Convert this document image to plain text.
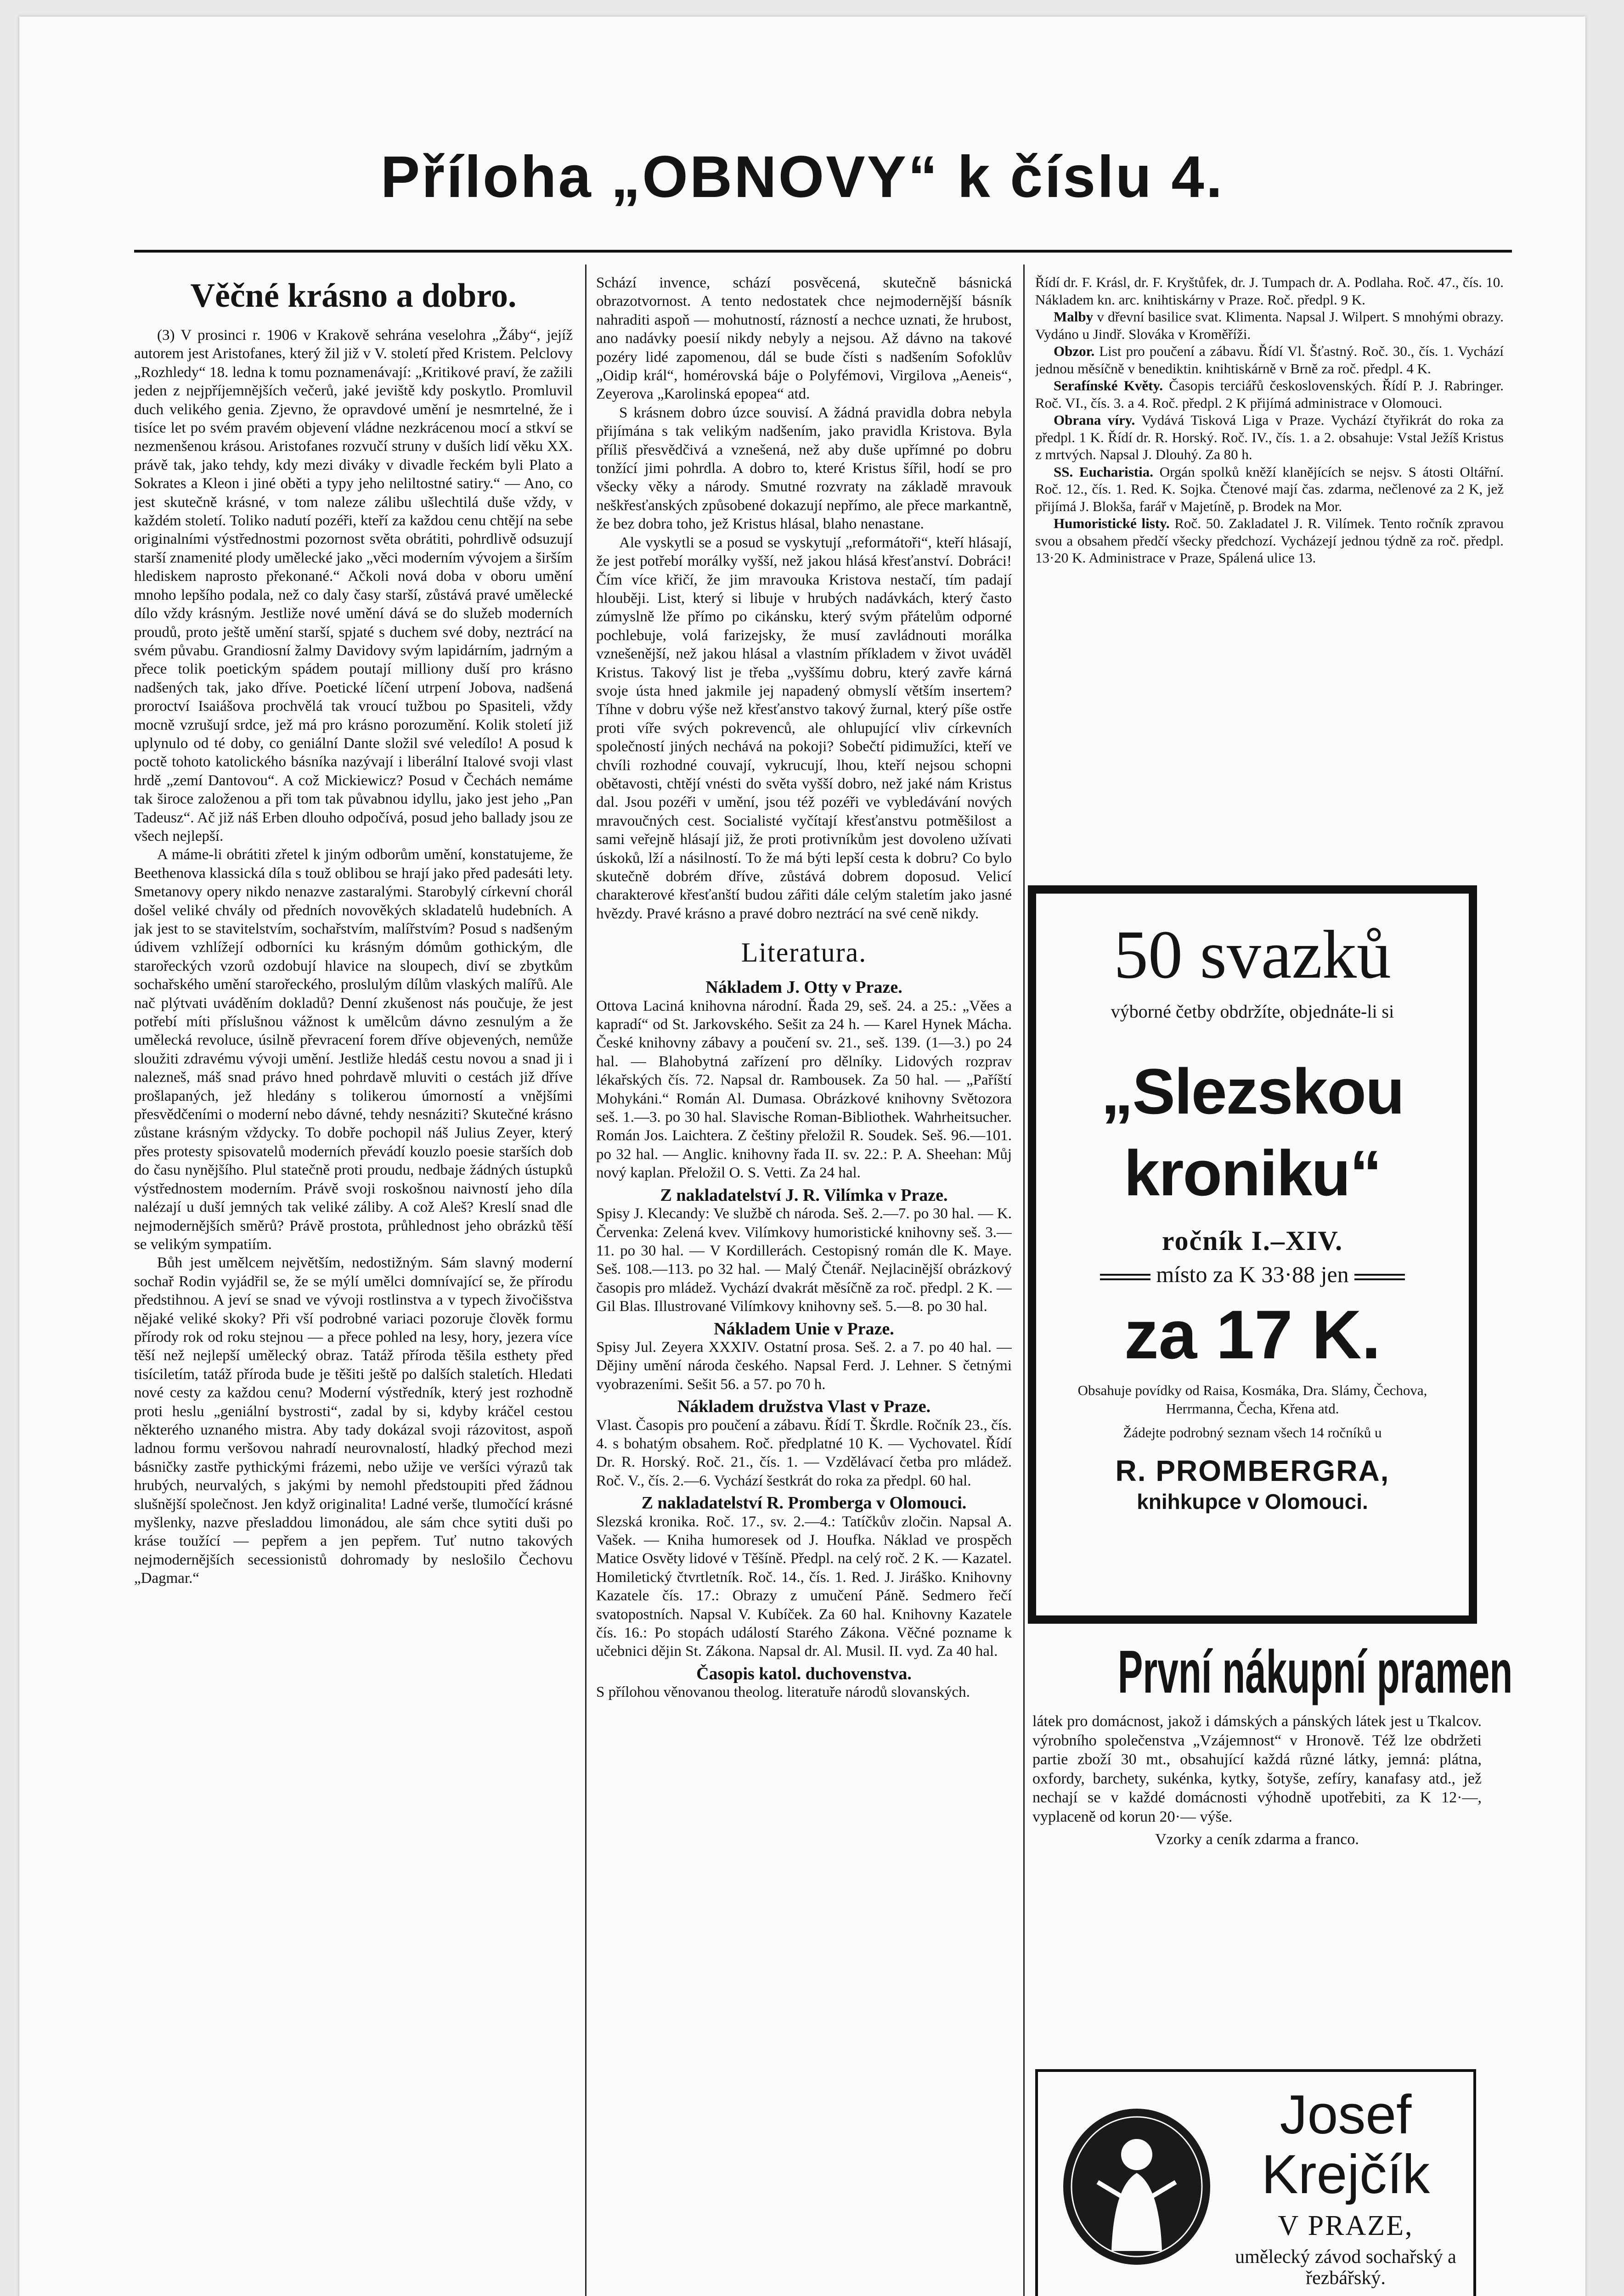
Příloha „OBNOVY“ k číslu 4.
Věčné krásno a dobro.

(3) V prosinci r. 1906 v Krakově sehrána veselohra „Žáby“, jejíž autorem jest Aristofanes, který žil již v V. století před Kristem. Pelclovy „Rozhledy“ 18. ledna k tomu poznamenávají: „Kritikové praví, že zažili jeden z nejpříjemnějších večerů, jaké jeviště kdy poskytlo. Promluvil duch velikého genia. Zjevno, že opravdové umění je nesmrtelné, že i tisíce let po svém pravém objevení vládne nezkrácenou mocí a stkví se nezmenšenou krásou. Aristofanes rozvučí struny v duších lidí věku XX. právě tak, jako tehdy, kdy mezi diváky v divadle řeckém byli Plato a Sokrates a Kleon i jiné oběti a typy jeho neliltostné satiry.“ — Ano, co jest skutečně krásné, v tom naleze zálibu ušlechtilá duše vždy, v každém století. Toliko nadutí pozéři, kteří za každou cenu chtějí na sebe originalními výstřednostmi pozornost světa obrátiti, pohrdlivě odsuzují starší znamenité plody umělecké jako „věci moderním vývojem a širším hlediskem naprosto překonané.“ Ačkoli nová doba v oboru umění mnoho lepšího podala, než co daly časy starší, zůstává pravé umělecké dílo vždy krásným. Jestliže nové umění dává se do služeb moderních proudů, proto ještě umění starší, spjaté s duchem své doby, neztrácí na svém půvabu. Grandiosní žalmy Davidovy svým lapidárním, jadrným a přece tolik poetickým spádem poutají milliony duší pro krásno nadšených tak, jako dříve. Poetické líčení utrpení Jobova, nadšená proroctví Isaiášova prochvělá tak vroucí tužbou po Spasiteli, vždy mocně vzrušují srdce, jež má pro krásno porozumění. Kolik století již uplynulo od té doby, co geniální Dante složil své veledílo! A posud k poctě tohoto katolického básníka nazývají i liberální Italové svoji vlast hrdě „zemí Dantovou“. A což Mickiewicz? Posud v Čechách nemáme tak široce založenou a při tom tak půvabnou idyllu, jako jest jeho „Pan Tadeusz“. Ač již náš Erben dlouho odpočívá, posud jeho ballady jsou ze všech nejlepší.

A máme-li obrátiti zřetel k jiným odborům umění, konstatujeme, že Beethenova klassická díla s touž oblibou se hrají jako před padesáti lety. Smetanovy opery nikdo nenazve zastaralými. Starobylý církevní chorál došel veliké chvály od předních novověkých skladatelů hudebních. A jak jest to se stavitelstvím, sochařstvím, malířstvím? Posud s nadšeným údivem vzhlížejí odborníci ku krásným dómům gothickým, dle starořeckých vzorů ozdobují hlavice na sloupech, diví se zbytkům sochařského umění starořeckého, proslulým dílům vlaských malířů. Ale nač plýtvati uváděním dokladů? Denní zkušenost nás poučuje, že jest potřebí míti příslušnou vážnost k umělcům dávno zesnulým a že umělecká revoluce, úsilně převracení forem dříve objevených, nemůže sloužiti zdravému vývoji umění. Jestliže hledáš cestu novou a snad ji i nalezneš, máš snad právo hned pohrdavě mluviti o cestách již dříve prošlapaných, jež hledány s tolikerou úmorností a vnějšími přesvědčeními o moderní nebo dávné, tehdy nesnáziti? Skutečné krásno zůstane krásným vždycky. To dobře pochopil náš Julius Zeyer, který přes protesty spisovatelů moderních převádí kouzlo poesie starších dob do času nynějšího. Plul statečně proti proudu, nedbaje žádných ústupků výstřednostem moderním. Právě svoji roskošnou naivností jeho díla nalézají u duší jemných tak veliké záliby. A což Aleš? Kreslí snad dle nejmodernějších směrů? Právě prostota, průhlednost jeho obrázků těší se velikým sympatiím.

Bůh jest umělcem největším, nedostižným. Sám slavný moderní sochař Rodin vyjádřil se, že se mýlí umělci domnívající se, že přírodu předstihnou. A jeví se snad ve vývoji rostlinstva a v typech živočišstva nějaké veliké skoky? Při vší podrobné variaci pozoruje člověk formu přírody rok od roku stejnou — a přece pohled na lesy, hory, jezera více těší než nejlepší umělecký obraz. Tatáž příroda těšila esthety před tisíciletím, tatáž příroda bude je těšiti ještě po dalších staletích. Hledati nové cesty za každou cenu? Moderní výstředník, který jest rozhodně proti heslu „geniální bystrosti“, zadal by si, kdyby kráčel cestou některého uznaného mistra. Aby tady dokázal svoji rázovitost, aspoň ladnou formu veršovou nahradí neurovnalostí, hladký přechod mezi básničky zastře pythickými frázemi, nebo užije ve veršíci výrazů tak hrubých, neurvalých, s jakými by nemohl předstoupiti před žádnou slušnější společnost. Jen když originalita! Ladné verše, tlumočící krásné myšlenky, nazve přesladdou limonádou, ale sám chce sytiti duši po kráse toužící — pepřem a jen pepřem. Tuť nutno takových nejmodernějších secessionistů dohromady by neslošilo Čechovu „Dagmar.“

Schází invence, schází posvěcená, skutečně básnická obrazotvornost. A tento nedostatek chce nejmodernější básník nahraditi aspoň — mohutností, rázností a nechce uznati, že hrubost, ano nadávky poesií nikdy nebyly a nejsou. Až dávno na takové pozéry lidé zapomenou, dál se bude čísti s nadšením Sofoklův „Oidip král“, homérovská báje o Polyfémovi, Virgilova „Aeneis“, Zeyerova „Karolinská epopea“ atd.

S krásnem dobro úzce souvisí. A žádná pravidla dobra nebyla přijímána s tak velikým nadšením, jako pravidla Kristova. Byla příliš přesvědčivá a vznešená, než aby duše upřímné po dobru tonžící jimi pohrdla. A dobro to, které Kristus šířil, hodí se pro všecky věky a národy. Smutné rozvraty na základě mravouk neškřesťanských způsobené dokazují nepřímo, ale přece markantně, že bez dobra toho, jež Kristus hlásal, blaho nenastane.

Ale vyskytli se a posud se vyskytují „reformátoři“, kteří hlásají, že jest potřebí morálky vyšší, než jakou hlásá křesťanství. Dobráci! Čím více křičí, že jim mravouka Kristova nestačí, tím padají hlouběji. List, který si libuje v hrubých nadávkách, který často zúmyslně lže přímo po cikánsku, který svým přátelům odporné pochlebuje, volá farizejsky, že musí zavládnouti morálka vznešenější, než jakou hlásal a vlastním příkladem v život uváděl Kristus. Takový list je třeba „vyššímu dobru, který zavře kárná svoje ústa hned jakmile jej napadený obmyslí větším insertem? Tíhne v dobru výše než křesťanstvo takový žurnal, který píše ostře proti víře svých pokrevenců, ale ohlupující vliv církevních společností jiných nechává na pokoji? Sobečtí pidimužíci, kteří ve chvíli rozhodné couvají, vykrucují, lhou, kteří nejsou schopni obětavosti, chtějí vnésti do světa vyšší dobro, než jaké nám Kristus dal. Jsou pozéři v umění, jsou též pozéři ve vybledávání nových mravoučných cest. Socialisté vyčítají křesťanstvu potměšilost a sami veřejně hlásají již, že proti protivníkům jest dovoleno užívati úskoků, lží a násilností. To že má býti lepší cesta k dobru? Co bylo skutečně dobrém dříve, zůstává dobrem doposud. Velicí charakterové křesťanští budou zářiti dále celým staletím jako jasné hvězdy. Pravé krásno a pravé dobro neztrácí na své ceně nikdy.

Literatura.
Nákladem J. Otty v Praze.

Ottova Laciná knihovna národní. Řada 29, seš. 24. a 25.: „Věes a kapradí“ od St. Jarkovského. Sešit za 24 h. — Karel Hynek Mácha. České knihovny zábavy a poučení sv. 21., seš. 139. (1—3.) po 24 hal. — Blahobytná zařízení pro dělníky. Lidových rozprav lékařských čís. 72. Napsal dr. Rambousek. Za 50 hal. — „Paříští Mohykáni.“ Román Al. Dumasa. Obrázkové knihovny Světozora seš. 1.—3. po 30 hal. Slavische Roman-Bibliothek. Wahrheitsucher. Román Jos. Laichtera. Z češtiny přeložil R. Soudek. Seš. 96.—101. po 32 hal. — Anglic. knihovny řada II. sv. 22.: P. A. Sheehan: Můj nový kaplan. Přeložil O. S. Vetti. Za 24 hal.

Z nakladatelství J. R. Vilímka v Praze.

Spisy J. Klecandy: Ve službě ch národa. Seš. 2.—7. po 30 hal. — K. Červenka: Zelená kvev. Vilímkovy humoristické knihovny seš. 3.—11. po 30 hal. — V Kordillerách. Cestopisný román dle K. Maye. Seš. 108.—113. po 32 hal. — Malý Čtenář. Nejlacinější obrázkový časopis pro mládež. Vychází dvakrát měsíčně za roč. předpl. 2 K. — Gil Blas. Illustrované Vilímkovy knihovny seš. 5.—8. po 30 hal.

Nákladem Unie v Praze.

Spisy Jul. Zeyera XXXIV. Ostatní prosa. Seš. 2. a 7. po 40 hal. — Dějiny umění národa českého. Napsal Ferd. J. Lehner. S četnými vyobrazeními. Sešit 56. a 57. po 70 h.

Nákladem družstva Vlast v Praze.

Vlast. Časopis pro poučení a zábavu. Řídí T. Škrdle. Ročník 23., čís. 4. s bohatým obsahem. Roč. předplatné 10 K. — Vychovatel. Řídí Dr. R. Horský. Roč. 21., čís. 1. — Vzdělávací četba pro mládež. Roč. V., čís. 2.—6. Vychází šestkrát do roka za předpl. 60 hal.

Z nakladatelství R. Promberga v Olomouci.

Slezská kronika. Roč. 17., sv. 2.—4.: Tatíčkův zločin. Napsal A. Vašek. — Kniha humoresek od J. Houfka. Náklad ve prospěch Matice Osvěty lidové v Těšíně. Předpl. na celý roč. 2 K. — Kazatel. Homiletický čtvrtletník. Roč. 14., čís. 1. Red. J. Jiráško. Knihovny Kazatele čís. 17.: Obrazy z umučení Páně. Sedmero řečí svatopostních. Napsal V. Kubíček. Za 60 hal. Knihovny Kazatele čís. 16.: Po stopách událostí Starého Zákona. Věčné pozname k učebnici dějin St. Zákona. Napsal dr. Al. Musil. II. vyd. Za 40 hal.

Časopis katol. duchovenstva.

S přílohou věnovanou theolog. literatuře národů slovanských.

Řídí dr. F. Krásl, dr. F. Kryštůfek, dr. J. Tumpach dr. A. Podlaha. Roč. 47., čís. 10. Nákladem kn. arc. knihtiskárny v Praze. Roč. předpl. 9 K.

Malby v dřevní basilice svat. Klimenta. Napsal J. Wilpert. S mnohými obrazy. Vydáno u Jindř. Slováka v Kroměříži.

Obzor. List pro poučení a zábavu. Řídí Vl. Šťastný. Roč. 30., čís. 1. Vychází jednou měsíčně v benediktin. knihtiskárně v Brně za roč. předpl. 4 K.

Serafínské Květy. Časopis terciářů československých. Řídí P. J. Rabringer. Roč. VI., čís. 3. a 4. Roč. předpl. 2 K přijímá administrace v Olomouci.

Obrana víry. Vydává Tisková Liga v Praze. Vychází čtyřikrát do roka za předpl. 1 K. Řídí dr. R. Horský. Roč. IV., čís. 1. a 2. obsahuje: Vstal Ježíš Kristus z mrtvých. Napsal J. Dlouhý. Za 80 h.

SS. Eucharistia. Orgán spolků kněží klanějících se nejsv. S átosti Oltářní. Roč. 12., čís. 1. Red. K. Sojka. Čtenové mají čas. zdarma, nečlenové za 2 K, jež přijímá J. Blokša, farář v Majetíně, p. Brodek na Mor.

Humoristické listy. Roč. 50. Zakladatel J. R. Vilímek. Tento ročník zpravou svou a obsahem předčí všecky předchozí. Vycházejí jednou týdně za roč. předpl. 13·20 K. Administrace v Praze, Spálená ulice 13.

50 svazků
výborné četby obdržíte, objednáte-li si
„Slezskou
kroniku“
ročník I.–XIV.
místo za K 33·88 jen
za 17 K.
Obsahuje povídky od Raisa, Kosmáka, Dra. Slámy, Čechova, Herrmanna, Čecha, Křena atd.
Žádejte podrobný seznam všech 14 ročníků u
R. PROMBERGRA,
knihkupce v Olomouci.
První nákupní pramen
látek pro domácnost, jakož i dámských a pánských látek jest u Tkalcov. výrobního společenstva „Vzájemnost“ v Hronově. Též lze obdržeti partie zboží 30 mt., obsahující každá různé látky, jemná: plátna, oxfordy, barchety, sukénka, kytky, šotyše, zefíry, kanafasy atd., jež nechají se v každé domácnosti výhodně upotřebiti, za K 12·—, vyplaceně od korun 20·— výše.
Vzorky a ceník zdarma a franco.
Josef
Krejčík
V PRAZE,
umělecký závod sochařský a řezbářský.
